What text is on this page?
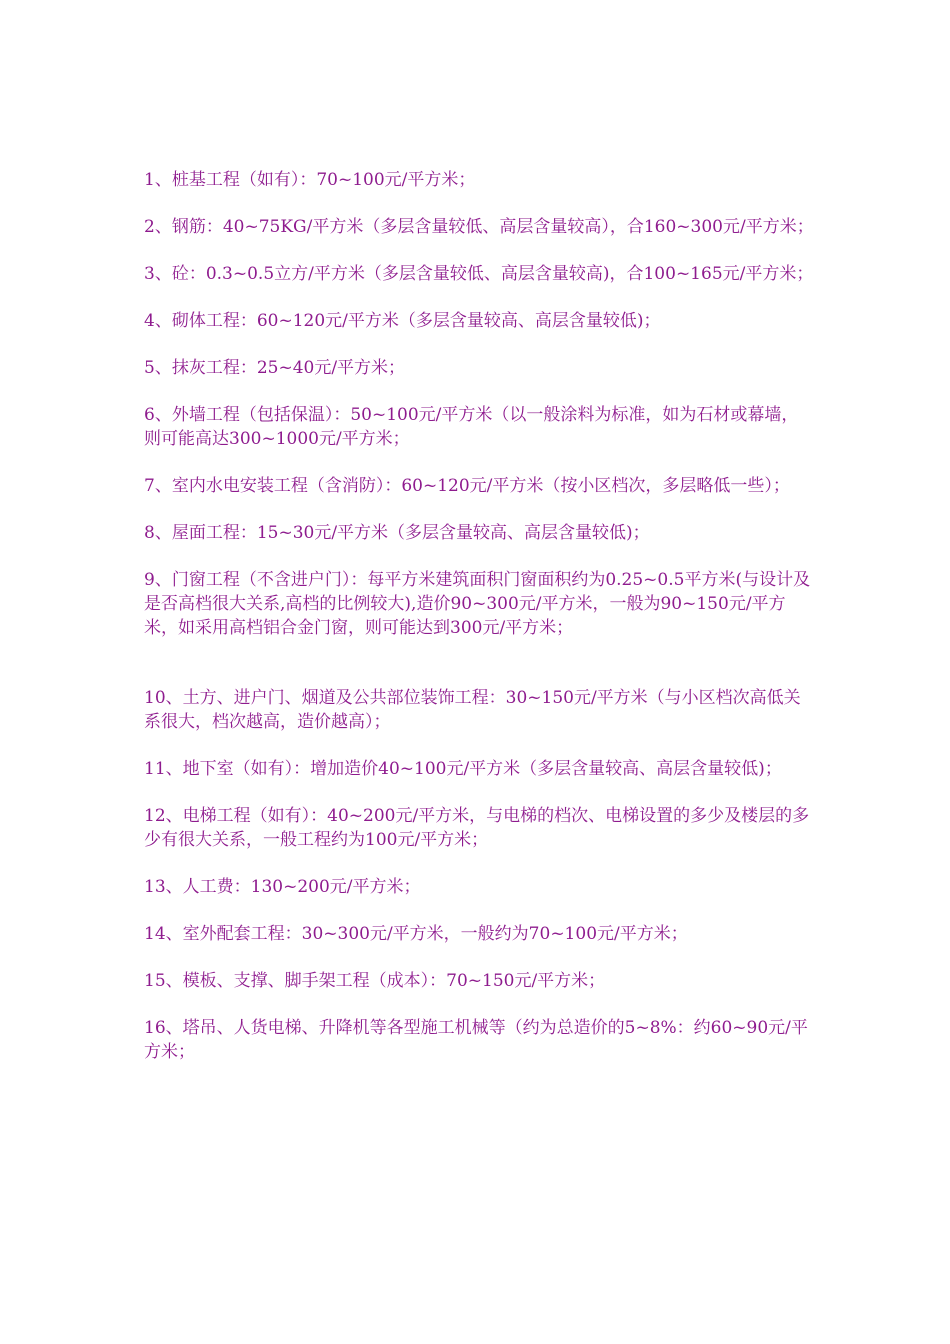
1、桩基工程（如有）：70~100元/平方米；

2、钢筋：40~75KG/平方米（多层含量较低、高层含量较高），合160~300元/平方米；

3、砼：0.3~0.5立方/平方米（多层含量较低、高层含量较高)，合100~165元/平方米；

4、砌体工程：60~120元/平方米（多层含量较高、高层含量较低)；

5、抹灰工程：25~40元/平方米；

6、外墙工程（包括保温）：50~100元/平方米（以一般涂料为标准，如为石材或幕墙，则可能高达300~1000元/平方米；

7、室内水电安装工程（含消防）：60~120元/平方米（按小区档次，多层略低一些）；

8、屋面工程：15~30元/平方米（多层含量较高、高层含量较低)；

9、门窗工程（不含进户门）：每平方米建筑面积门窗面积约为0.25~0.5平方米(与设计及是否高档很大关系,高档的比例较大),造价90~300元/平方米，一般为90~150元/平方米，如采用高档铝合金门窗，则可能达到300元/平方米；

10、土方、进户门、烟道及公共部位装饰工程：30~150元/平方米（与小区档次高低关系很大，档次越高，造价越高）；

11、地下室（如有）：增加造价40~100元/平方米（多层含量较高、高层含量较低)；

12、电梯工程（如有）：40~200元/平方米，与电梯的档次、电梯设置的多少及楼层的多少有很大关系，一般工程约为100元/平方米；

13、人工费：130~200元/平方米；

14、室外配套工程：30~300元/平方米，一般约为70~100元/平方米；

15、模板、支撑、脚手架工程（成本）：70~150元/平方米；

16、塔吊、人货电梯、升降机等各型施工机械等（约为总造价的5~8%：约60~90元/平方米；
